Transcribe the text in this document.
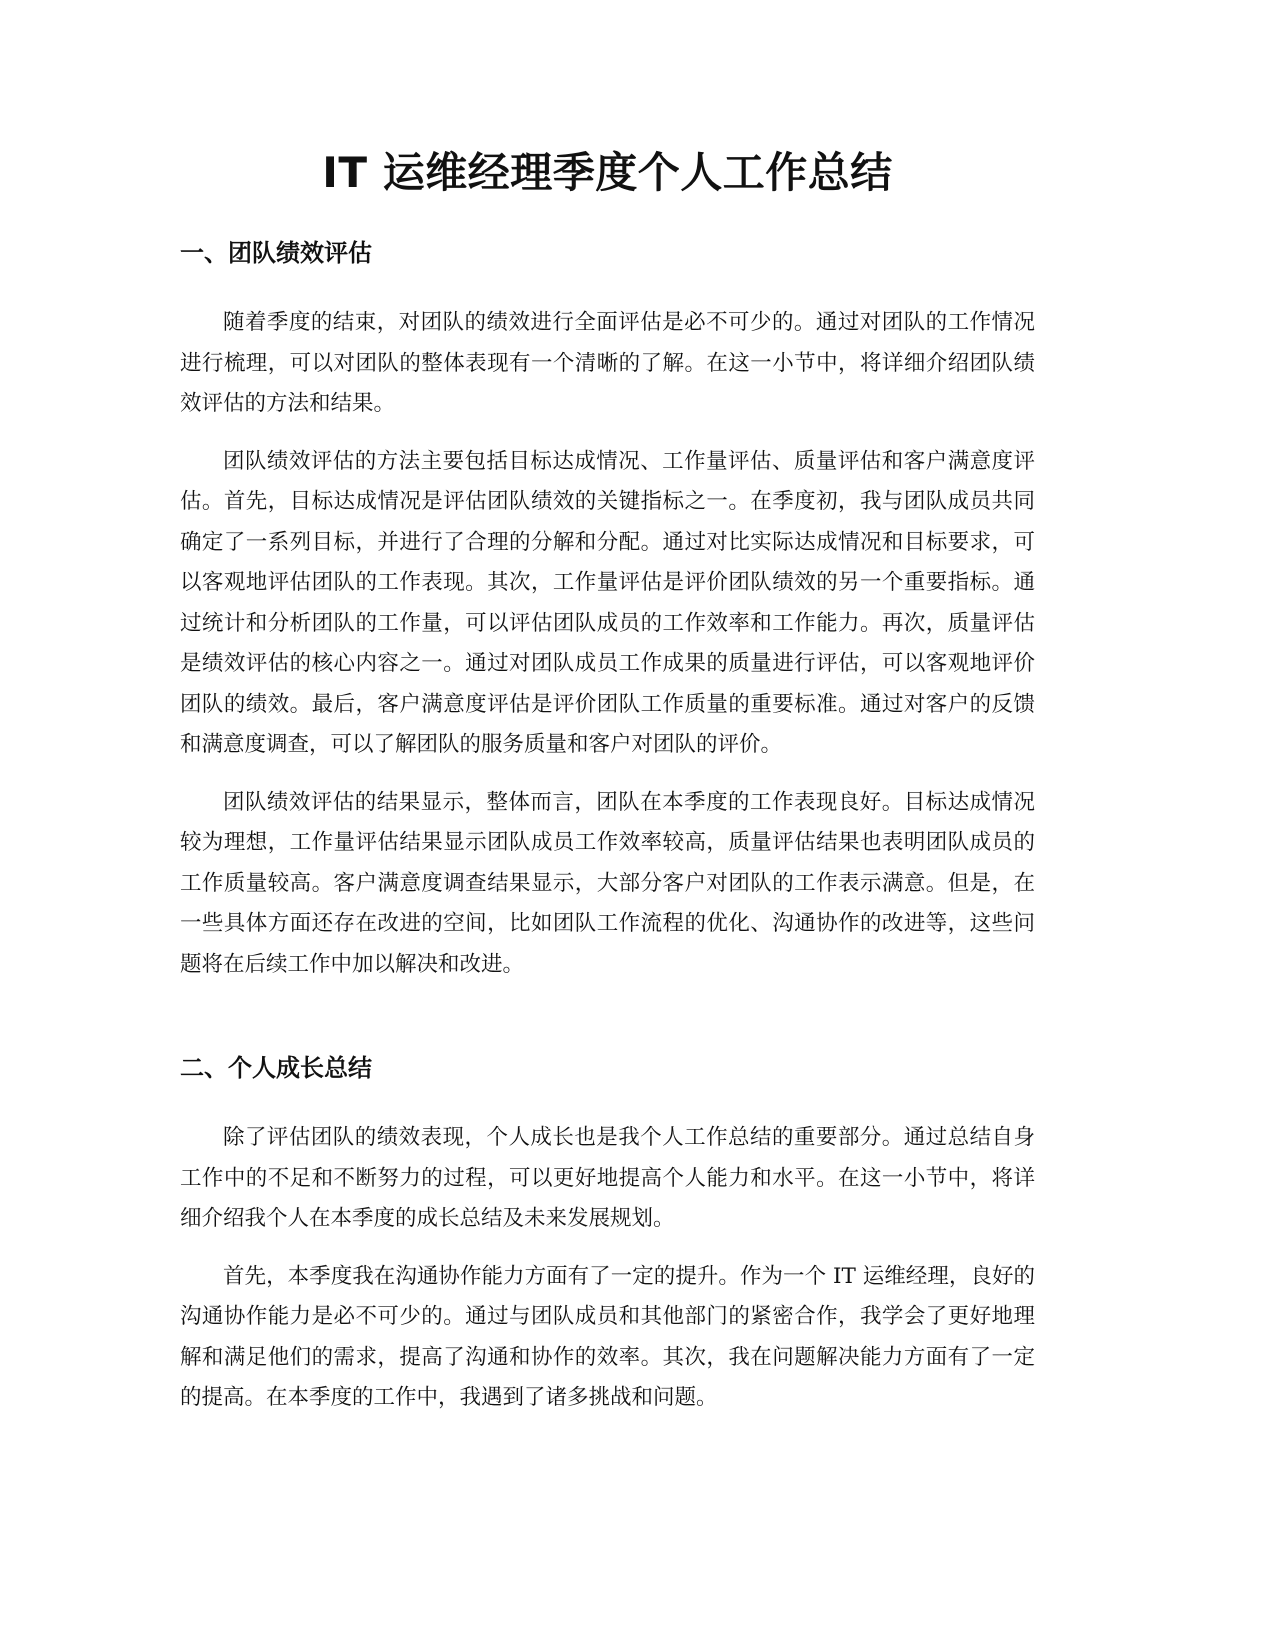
IT 运维经理季度个人工作总结
一、团队绩效评估

随着季度的结束，对团队的绩效进行全面评估是必不可少的。通过对团队的工作情况进行梳理，可以对团队的整体表现有一个清晰的了解。在这一小节中，将详细介绍团队绩效评估的方法和结果。

团队绩效评估的方法主要包括目标达成情况、工作量评估、质量评估和客户满意度评估。首先，目标达成情况是评估团队绩效的关键指标之一。在季度初，我与团队成员共同确定了一系列目标，并进行了合理的分解和分配。通过对比实际达成情况和目标要求，可以客观地评估团队的工作表现。其次，工作量评估是评价团队绩效的另一个重要指标。通过统计和分析团队的工作量，可以评估团队成员的工作效率和工作能力。再次，质量评估是绩效评估的核心内容之一。通过对团队成员工作成果的质量进行评估，可以客观地评价团队的绩效。最后，客户满意度评估是评价团队工作质量的重要标准。通过对客户的反馈和满意度调查，可以了解团队的服务质量和客户对团队的评价。

团队绩效评估的结果显示，整体而言，团队在本季度的工作表现良好。目标达成情况较为理想，工作量评估结果显示团队成员工作效率较高，质量评估结果也表明团队成员的工作质量较高。客户满意度调查结果显示，大部分客户对团队的工作表示满意。但是，在一些具体方面还存在改进的空间，比如团队工作流程的优化、沟通协作的改进等，这些问题将在后续工作中加以解决和改进。

二、个人成长总结

除了评估团队的绩效表现，个人成长也是我个人工作总结的重要部分。通过总结自身工作中的不足和不断努力的过程，可以更好地提高个人能力和水平。在这一小节中，将详细介绍我个人在本季度的成长总结及未来发展规划。

首先，本季度我在沟通协作能力方面有了一定的提升。作为一个 IT 运维经理，良好的沟通协作能力是必不可少的。通过与团队成员和其他部门的紧密合作，我学会了更好地理解和满足他们的需求，提高了沟通和协作的效率。其次，我在问题解决能力方面有了一定的提高。在本季度的工作中，我遇到了诸多挑战和问题。
